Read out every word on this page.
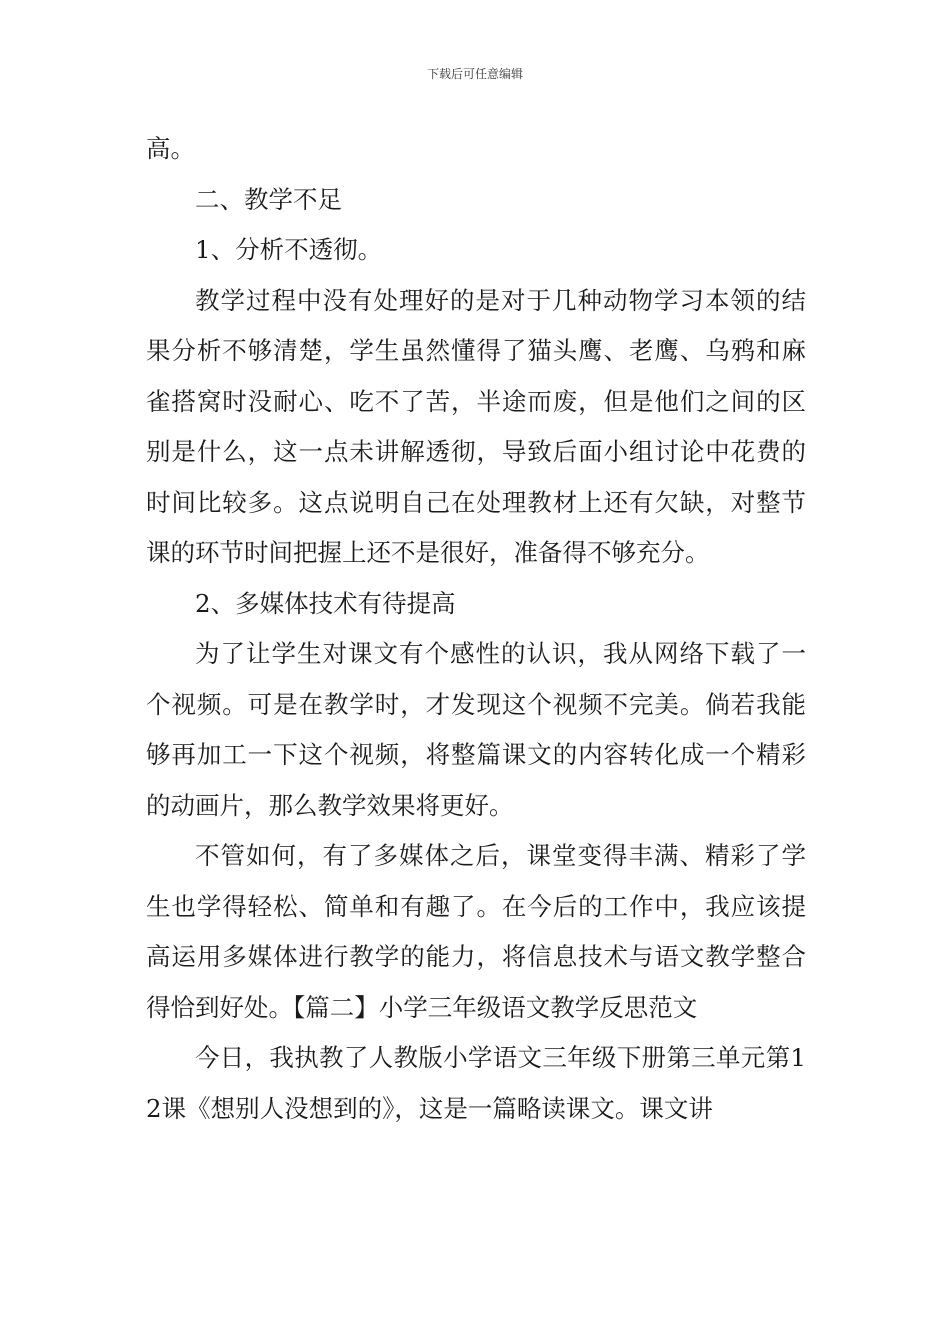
下载后可任意编辑

高。

二、教学不足

1、分析不透彻。

教学过程中没有处理好的是对于几种动物学习本领的结果分析不够清楚，学生虽然懂得了猫头鹰、老鹰、乌鸦和麻雀搭窝时没耐心、吃不了苦，半途而废，但是他们之间的区别是什么，这一点未讲解透彻，导致后面小组讨论中花费的时间比较多。这点说明自己在处理教材上还有欠缺，对整节课的环节时间把握上还不是很好，准备得不够充分。

2、多媒体技术有待提高

为了让学生对课文有个感性的认识，我从网络下载了一个视频。可是在教学时，才发现这个视频不完美。倘若我能够再加工一下这个视频，将整篇课文的内容转化成一个精彩的动画片，那么教学效果将更好。

不管如何，有了多媒体之后，课堂变得丰满、精彩了学生也学得轻松、简单和有趣了。在今后的工作中，我应该提高运用多媒体进行教学的能力，将信息技术与语文教学整合得恰到好处。【篇二】小学三年级语文教学反思范文

今日，我执教了人教版小学语文三年级下册第三单元第12课《想别人没想到的》，这是一篇略读课文。课文讲
